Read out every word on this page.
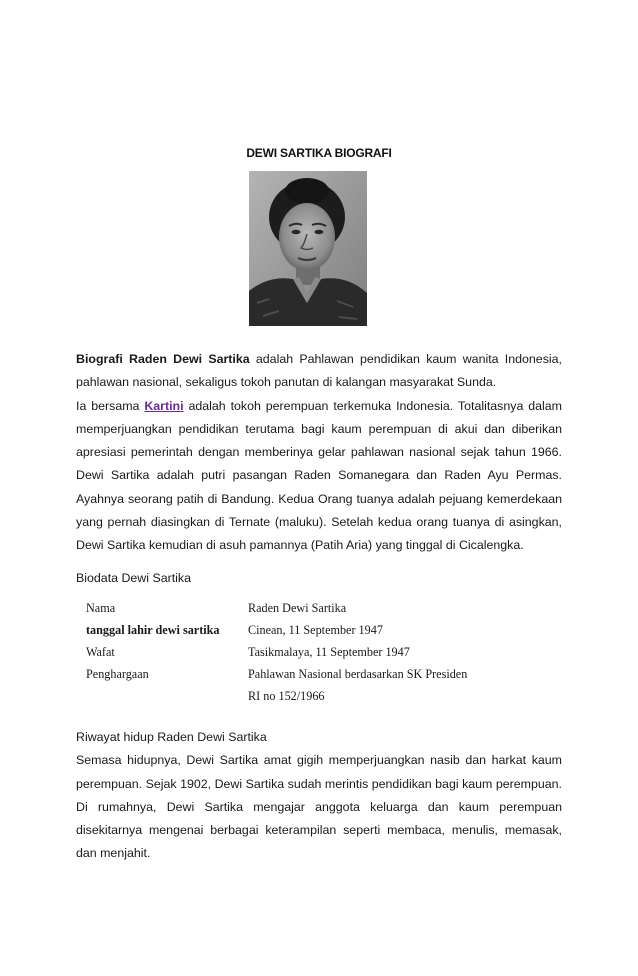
DEWI SARTIKA BIOGRAFI

Biografi Raden Dewi Sartika adalah Pahlawan pendidikan kaum wanita Indonesia, pahlawan nasional, sekaligus tokoh panutan di kalangan masyarakat Sunda.

Ia bersama Kartini adalah tokoh perempuan terkemuka Indonesia. Totalitasnya dalam memperjuangkan pendidikan terutama bagi kaum perempuan di akui dan diberikan apresiasi pemerintah dengan memberinya gelar pahlawan nasional sejak tahun 1966. Dewi Sartika adalah putri pasangan Raden Somanegara dan Raden Ayu Permas. Ayahnya seorang patih di Bandung. Kedua Orang tuanya adalah pejuang kemerdekaan yang pernah diasingkan di Ternate (maluku). Setelah kedua orang tuanya di asingkan, Dewi Sartika kemudian di asuh pamannya (Patih Aria) yang tinggal di Cicalengka.

Biodata Dewi Sartika
Nama	Raden Dewi Sartika
tanggal lahir dewi sartika	Cinean, 11 September 1947
Wafat	Tasikmalaya, 11 September 1947
Penghargaan	Pahlawan Nasional berdasarkan SK Presiden
RI no 152/1966

Riwayat hidup Raden Dewi Sartika

Semasa hidupnya, Dewi Sartika amat gigih memperjuangkan nasib dan harkat kaum perempuan. Sejak 1902, Dewi Sartika sudah merintis pendidikan bagi kaum perempuan. Di rumahnya, Dewi Sartika mengajar anggota keluarga dan kaum perempuan disekitarnya mengenai berbagai keterampilan seperti membaca, menulis, memasak, dan menjahit.
